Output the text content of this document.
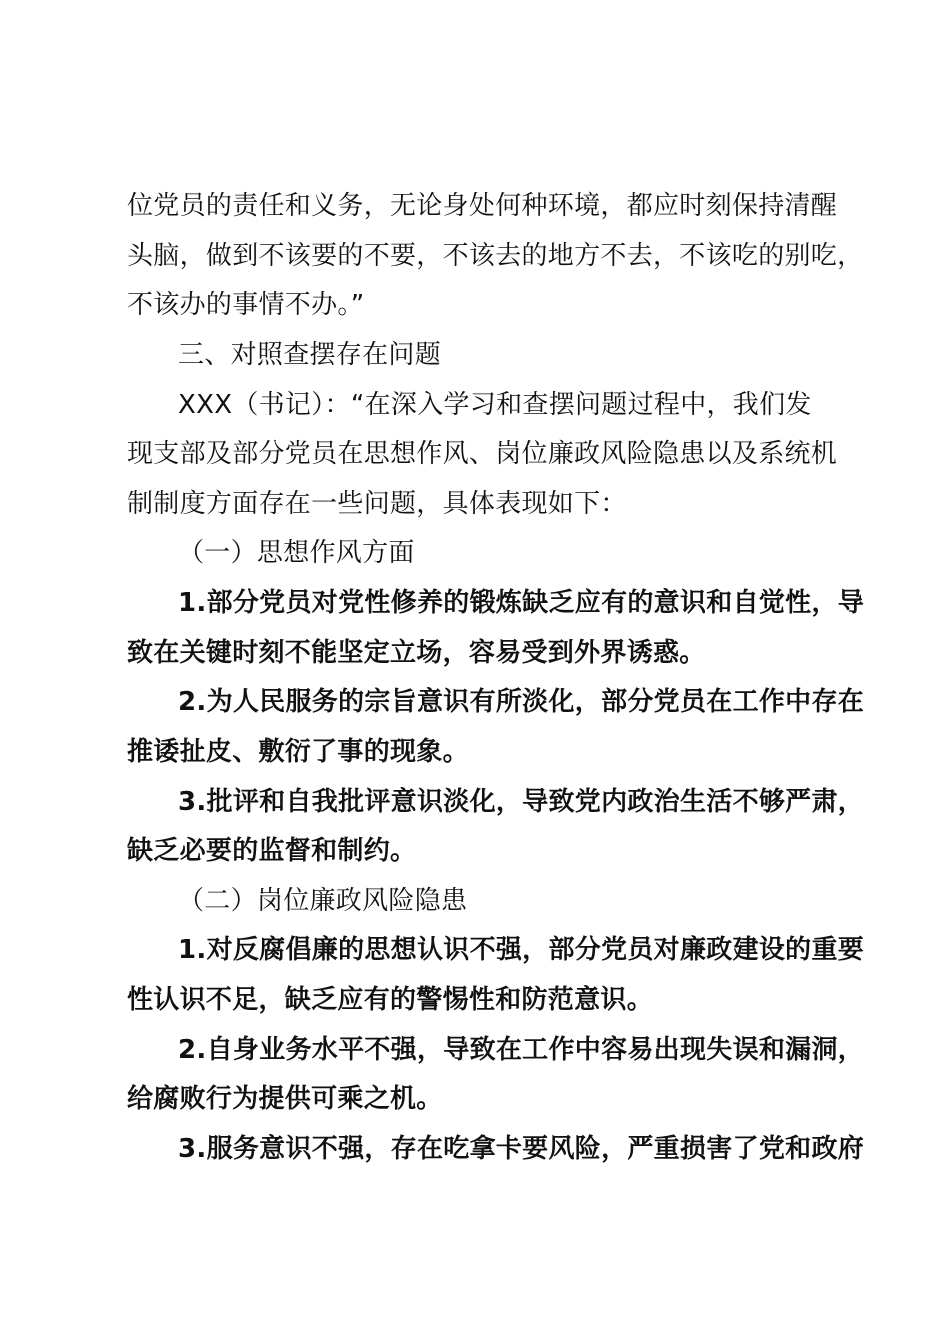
位党员的责任和义务，无论身处何种环境，都应时刻保持清醒
头脑，做到不该要的不要，不该去的地方不去，不该吃的别吃，
不该办的事情不办。”
三、对照查摆存在问题
XXX（书记）：“在深入学习和查摆问题过程中，我们发
现支部及部分党员在思想作风、岗位廉政风险隐患以及系统机
制制度方面存在一些问题，具体表现如下：
（一）思想作风方面
1.部分党员对党性修养的锻炼缺乏应有的意识和自觉性，导
致在关键时刻不能坚定立场，容易受到外界诱惑。
2.为人民服务的宗旨意识有所淡化，部分党员在工作中存在
推诿扯皮、敷衍了事的现象。
3.批评和自我批评意识淡化，导致党内政治生活不够严肃，
缺乏必要的监督和制约。
（二）岗位廉政风险隐患
1.对反腐倡廉的思想认识不强，部分党员对廉政建设的重要
性认识不足，缺乏应有的警惕性和防范意识。
2.自身业务水平不强，导致在工作中容易出现失误和漏洞，
给腐败行为提供可乘之机。
3.服务意识不强，存在吃拿卡要风险，严重损害了党和政府
